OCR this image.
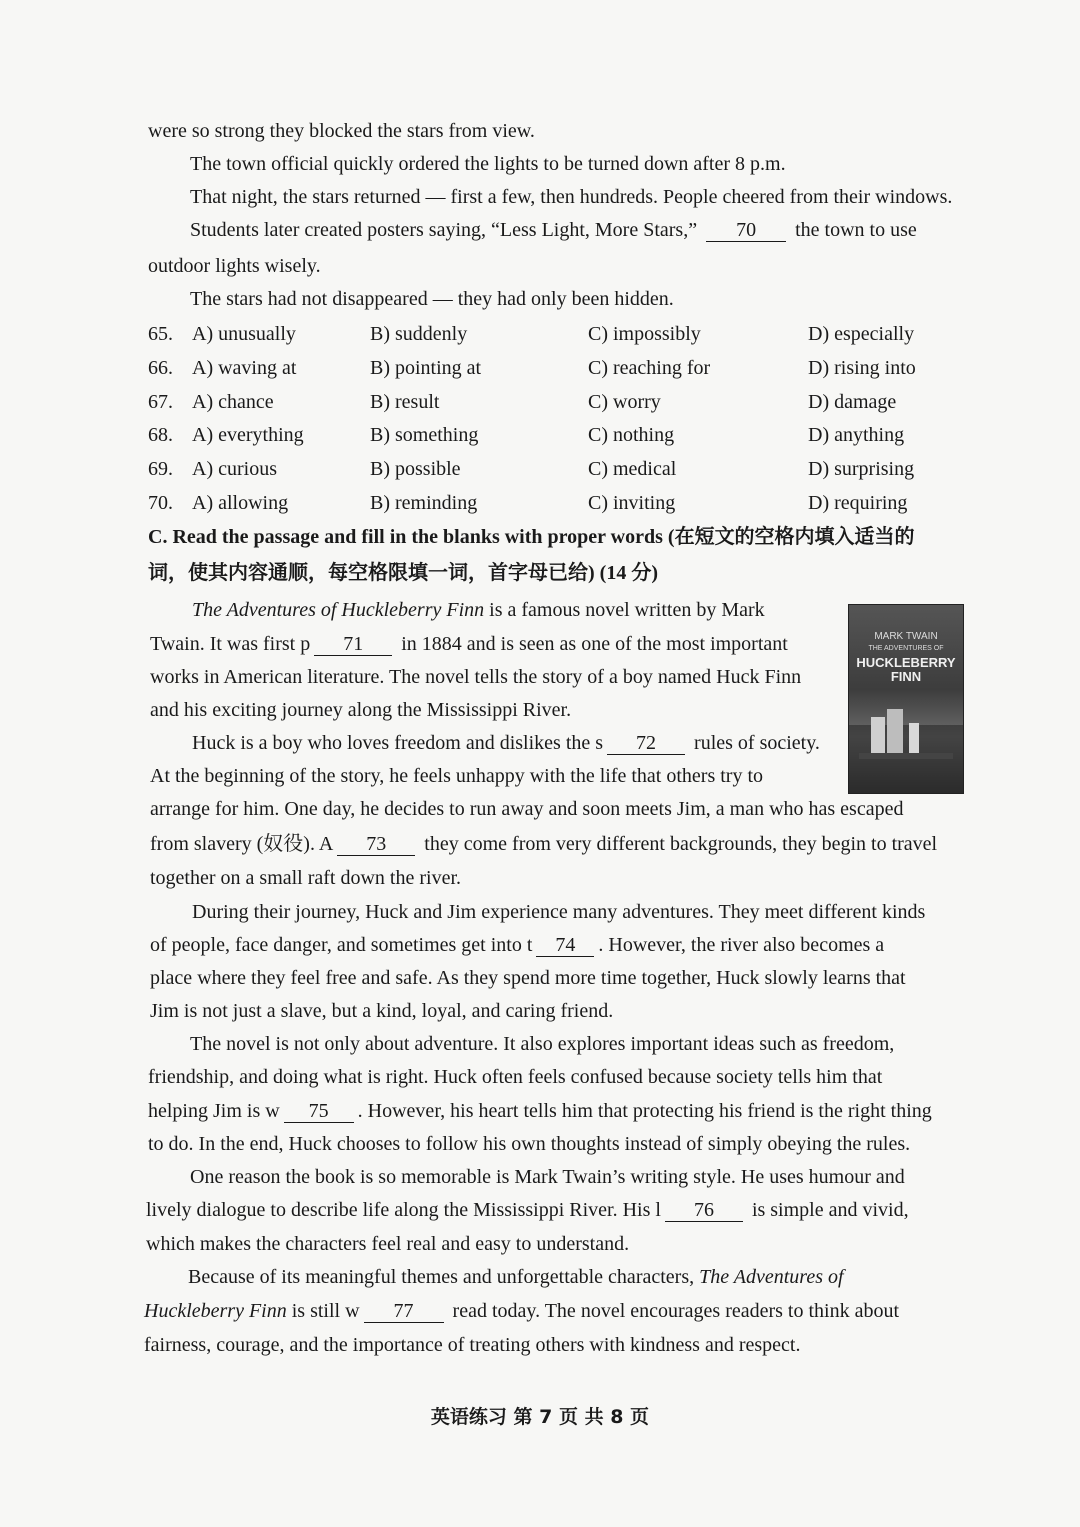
were so strong they blocked the stars from view.
The town official quickly ordered the lights to be turned down after 8 p.m.
That night, the stars returned — first a few, then hundreds. People cheered from their windows.
Students later created posters saying, “Less Light, More Stars,” 70 the town to use
outdoor lights wisely.
The stars had not disappeared — they had only been hidden.
65. A) unusually	B) suddenly	C) impossibly	D) especially
66. A) waving at	B) pointing at	C) reaching for	D) rising into
67. A) chance	B) result	C) worry	D) damage
68. A) everything	B) something	C) nothing	D) anything
69. A) curious	B) possible	C) medical	D) surprising
70. A) allowing	B) reminding	C) inviting	D) requiring
C. Read the passage and fill in the blanks with proper words (在短文的空格内填入适当的
词，使其内容通顺，每空格限填一词，首字母已给) (14 分)
MARK TWAIN
THE ADVENTURES OF
HUCKLEBERRY
FINN
The Adventures of Huckleberry Finn is a famous novel written by Mark
Twain. It was first p 71 in 1884 and is seen as one of the most important
works in American literature. The novel tells the story of a boy named Huck Finn
and his exciting journey along the Mississippi River.
Huck is a boy who loves freedom and dislikes the s 72 rules of society.
At the beginning of the story, he feels unhappy with the life that others try to
arrange for him. One day, he decides to run away and soon meets Jim, a man who has escaped
from slavery (奴役). A 73 they come from very different backgrounds, they begin to travel
together on a small raft down the river.
During their journey, Huck and Jim experience many adventures. They meet different kinds
of people, face danger, and sometimes get into t 74 . However, the river also becomes a
place where they feel free and safe. As they spend more time together, Huck slowly learns that
Jim is not just a slave, but a kind, loyal, and caring friend.
The novel is not only about adventure. It also explores important ideas such as freedom,
friendship, and doing what is right. Huck often feels confused because society tells him that
helping Jim is w 75 . However, his heart tells him that protecting his friend is the right thing
to do. In the end, Huck chooses to follow his own thoughts instead of simply obeying the rules.
One reason the book is so memorable is Mark Twain’s writing style. He uses humour and
lively dialogue to describe life along the Mississippi River. His l 76 is simple and vivid,
which makes the characters feel real and easy to understand.
Because of its meaningful themes and unforgettable characters, The Adventures of
Huckleberry Finn is still w 77 read today. The novel encourages readers to think about
fairness, courage, and the importance of treating others with kindness and respect.
英语练习 第 7 页 共 8 页
